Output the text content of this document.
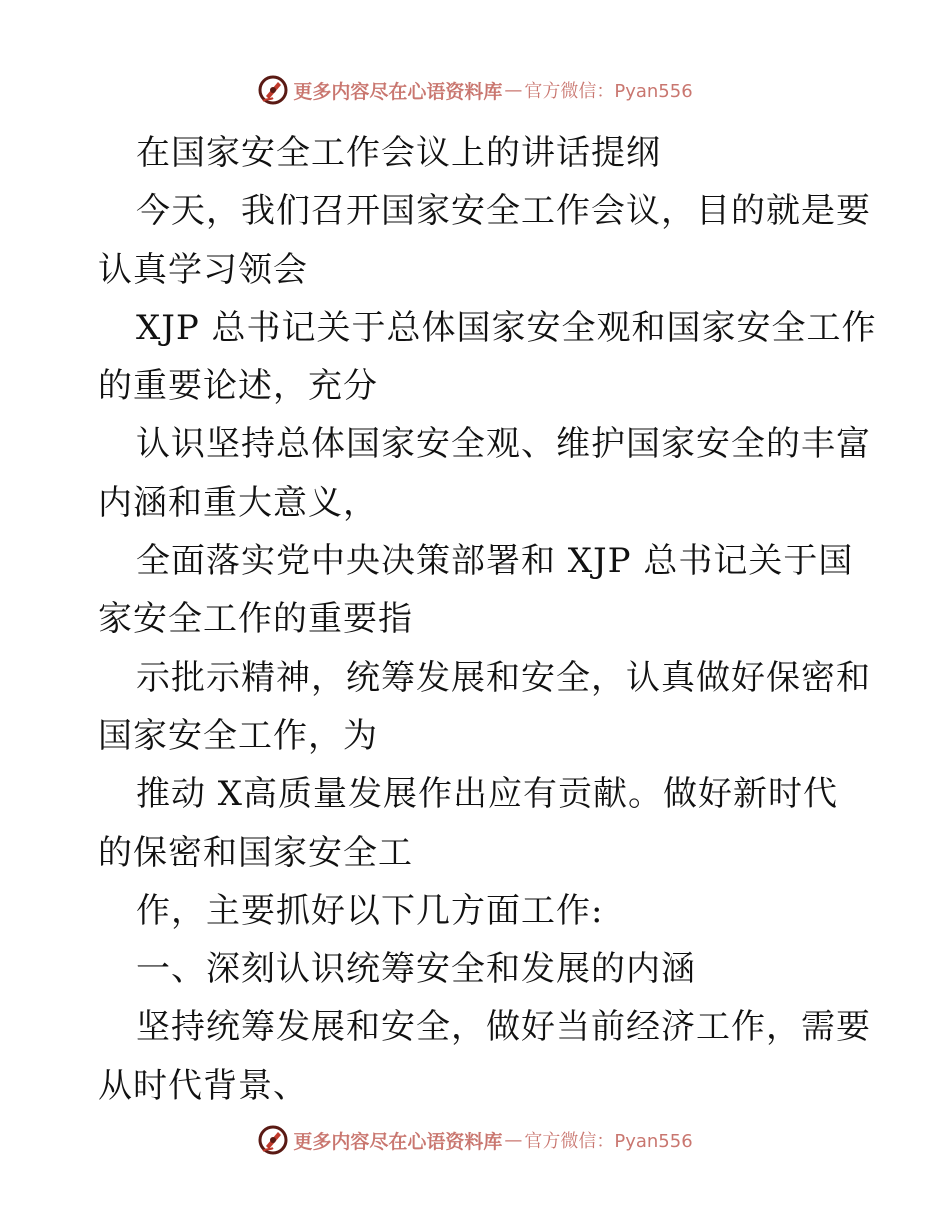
更多内容尽在心语资料库 — 官方微信：Pyan556
在国家安全工作会议上的讲话提纲
今天，我们召开国家安全工作会议，目的就是要
认真学习领会
XJP 总书记关于总体国家安全观和国家安全工作
的重要论述，充分
认识坚持总体国家安全观、维护国家安全的丰富
内涵和重大意义，
全面落实党中央决策部署和 XJP 总书记关于国
家安全工作的重要指
示批示精神，统筹发展和安全，认真做好保密和
国家安全工作，为
推动 X高质量发展作出应有贡献。做好新时代
的保密和国家安全工
作，主要抓好以下几方面工作:
一、深刻认识统筹安全和发展的内涵
坚持统筹发展和安全，做好当前经济工作，需要
从时代背景、
更多内容尽在心语资料库 — 官方微信：Pyan556
